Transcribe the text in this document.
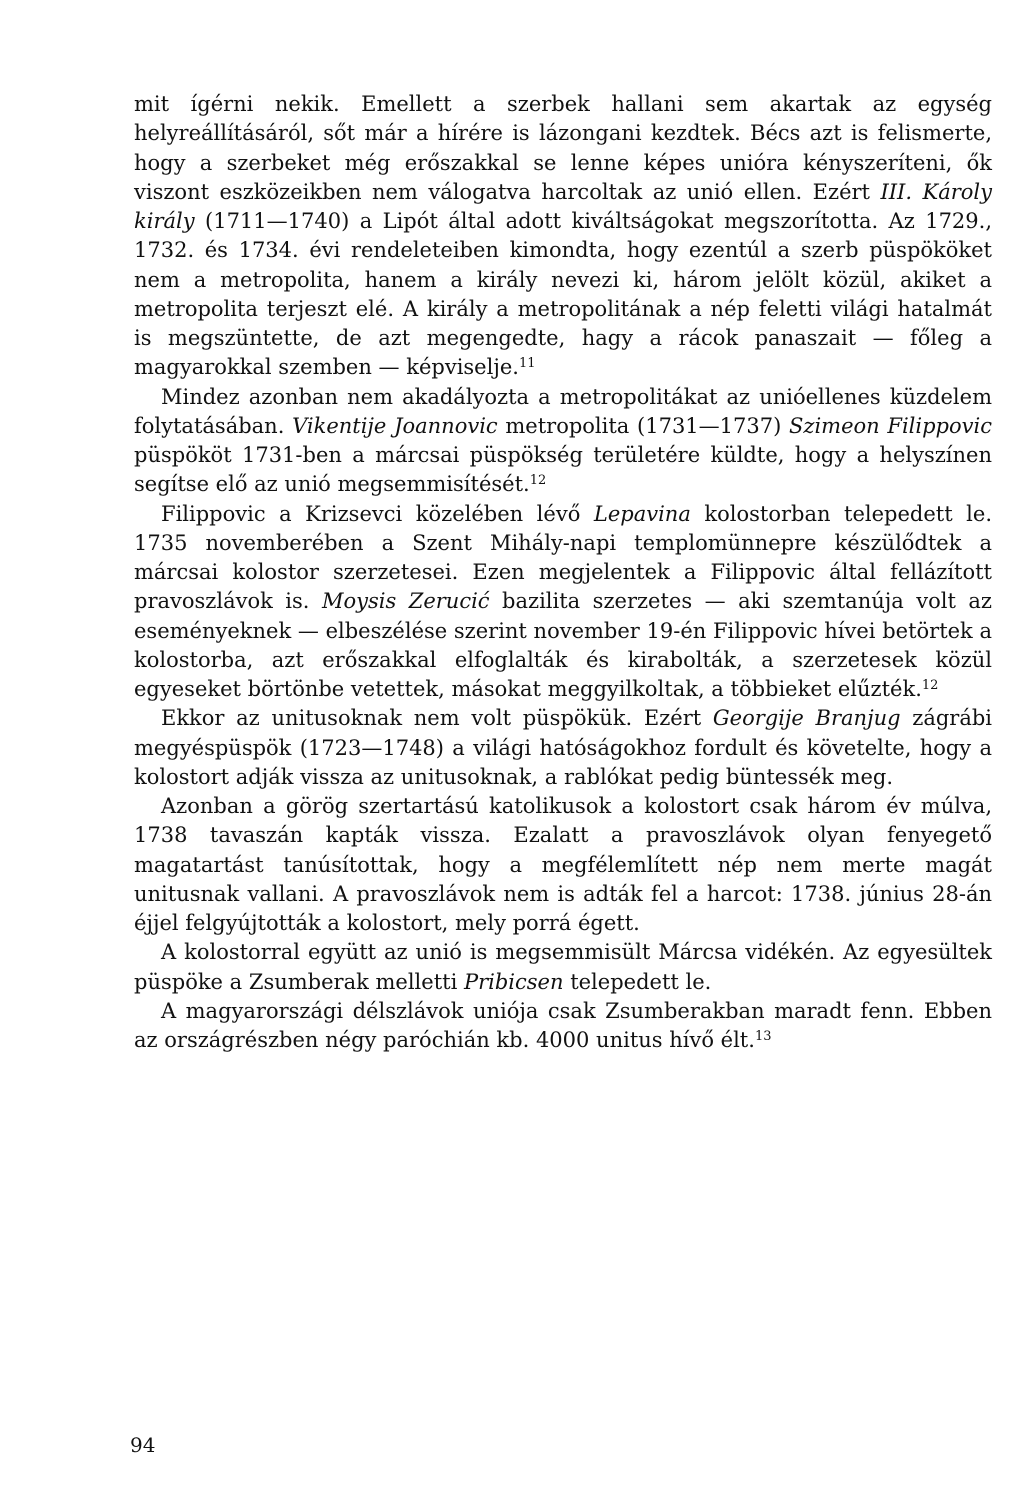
mit ígérni nekik. Emellett a szerbek hallani sem akartak az egység helyreállításáról, sőt már a hírére is lázongani kezdtek. Bécs azt is felismerte, hogy a szerbeket még erőszakkal se lenne képes unióra kényszeríteni, ők viszont eszközeikben nem válogatva harcoltak az unió ellen. Ezért III. Károly király (1711—1740) a Lipót által adott kiváltságokat megszorította. Az 1729., 1732. és 1734. évi rendeleteiben kimondta, hogy ezentúl a szerb püspököket nem a metropolita, hanem a király nevezi ki, három jelölt közül, akiket a metropolita terjeszt elé. A király a metropolitának a nép feletti világi hatalmát is megszüntette, de azt megengedte, hagy a rácok panaszait — főleg a magyarokkal szemben — képviselje.$^{11}$

Mindez azonban nem akadályozta a metropolitákat az unióellenes küzdelem folytatásában. Vikentije Joannovic metropolita (1731—1737) Szimeon Filippovic püspököt 1731-ben a márcsai püspökség területére küldte, hogy a helyszínen segítse elő az unió megsemmisítését.$^{12}$

Filippovic a Krizsevci közelében lévő Lepavina kolostorban telepedett le. 1735 novemberében a Szent Mihály-napi templomünnepre készülődtek a márcsai kolostor szerzetesei. Ezen megjelentek a Filippovic által fellázított pravoszlávok is. Moysis Zerucić bazilita szerzetes — aki szemtanúja volt az eseményeknek — elbeszélése szerint november 19-én Filippovic hívei betörtek a kolostorba, azt erőszakkal elfoglalták és kirabolták, a szerzetesek közül egyeseket börtönbe vetettek, másokat meggyilkoltak, a többieket elűzték.$^{12}$

Ekkor az unitusoknak nem volt püspökük. Ezért Georgije Branjug zágrábi megyéspüspök (1723—1748) a világi hatóságokhoz fordult és követelte, hogy a kolostort adják vissza az unitusoknak, a rablókat pedig büntessék meg.

Azonban a görög szertartású katolikusok a kolostort csak három év múlva, 1738 tavaszán kapták vissza. Ezalatt a pravoszlávok olyan fenyegető magatartást tanúsítottak, hogy a megfélemlített nép nem merte magát unitusnak vallani. A pravoszlávok nem is adták fel a harcot: 1738. június 28-án éjjel felgyújtották a kolostort, mely porrá égett.

A kolostorral együtt az unió is megsemmisült Márcsa vidékén. Az egyesültek püspöke a Zsumberak melletti Pribicsen telepedett le.

A magyarországi délszlávok uniója csak Zsumberakban maradt fenn. Ebben az országrészben négy paróchián kb. 4000 unitus hívő élt.$^{13}$

94
